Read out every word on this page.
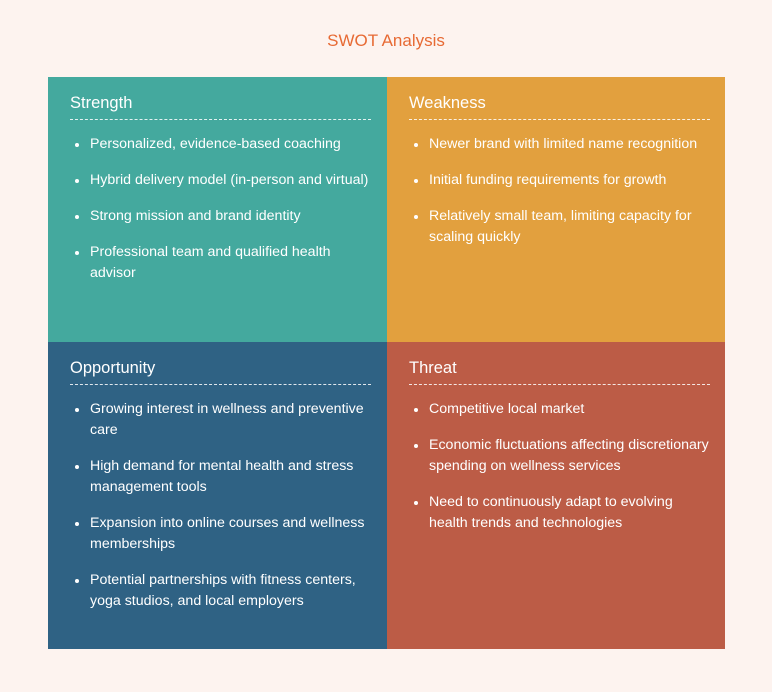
SWOT Analysis
Strength
Personalized, evidence-based coaching
Hybrid delivery model (in-person and virtual)
Strong mission and brand identity
Professional team and qualified health advisor
Weakness
Newer brand with limited name recognition
Initial funding requirements for growth
Relatively small team, limiting capacity for scaling quickly
Opportunity
Growing interest in wellness and preventive care
High demand for mental health and stress management tools
Expansion into online courses and wellness memberships
Potential partnerships with fitness centers, yoga studios, and local employers
Threat
Competitive local market
Economic fluctuations affecting discretionary spending on wellness services
Need to continuously adapt to evolving health trends and technologies
